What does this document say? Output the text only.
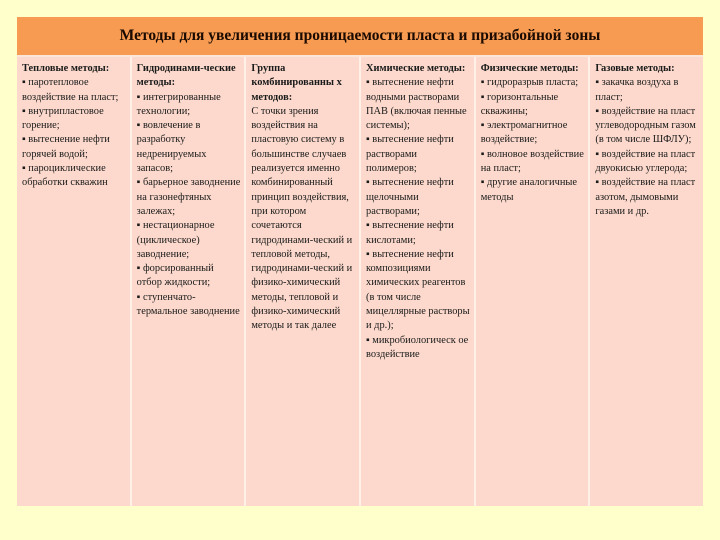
Методы для увеличения проницаемости пласта и призабойной зоны
Тепловые методы:
▪ паротепловое воздействие на пласт;
▪ внутрипластовое горение;
▪ вытеснение нефти горячей водой;
▪ пароциклические обработки скважин
Гидродинами-ческие методы:
▪ интегрированные технологии;
▪ вовлечение в разработку недренируемых запасов;
▪ барьерное заводнение на газонефтяных залежах;
▪ нестационарное (циклическое) заводнение;
▪ форсированный отбор жидкости;
▪ ступенчато-термальное заводнение
Группа комбинированны х методов:
С точки зрения воздействия на пластовую систему в большинстве случаев реализуется именно комбинированный принцип воздействия, при котором сочетаются гидродинами-ческий и тепловой методы, гидродинами-ческий и физико-химический методы, тепловой и физико-химический методы и так далее
Химические методы:
▪ вытеснение нефти водными растворами ПАВ (включая пенные системы);
▪ вытеснение нефти растворами полимеров;
▪ вытеснение нефти щелочными растворами;
▪ вытеснение нефти кислотами;
▪ вытеснение нефти композициями химических реагентов (в том числе мицеллярные растворы и др.);
▪ микробиологическ ое воздействие
Физические методы:
▪ гидроразрыв пласта;
▪ горизонтальные скважины;
▪ электромагнитное воздействие;
▪ волновое воздействие на пласт;
▪ другие аналогичные методы
Газовые методы:
▪ закачка воздуха в пласт;
▪ воздействие на пласт углеводородным газом (в том числе ШФЛУ);
▪ воздействие на пласт двуокисью углерода;
▪ воздействие на пласт азотом, дымовыми газами и др.
